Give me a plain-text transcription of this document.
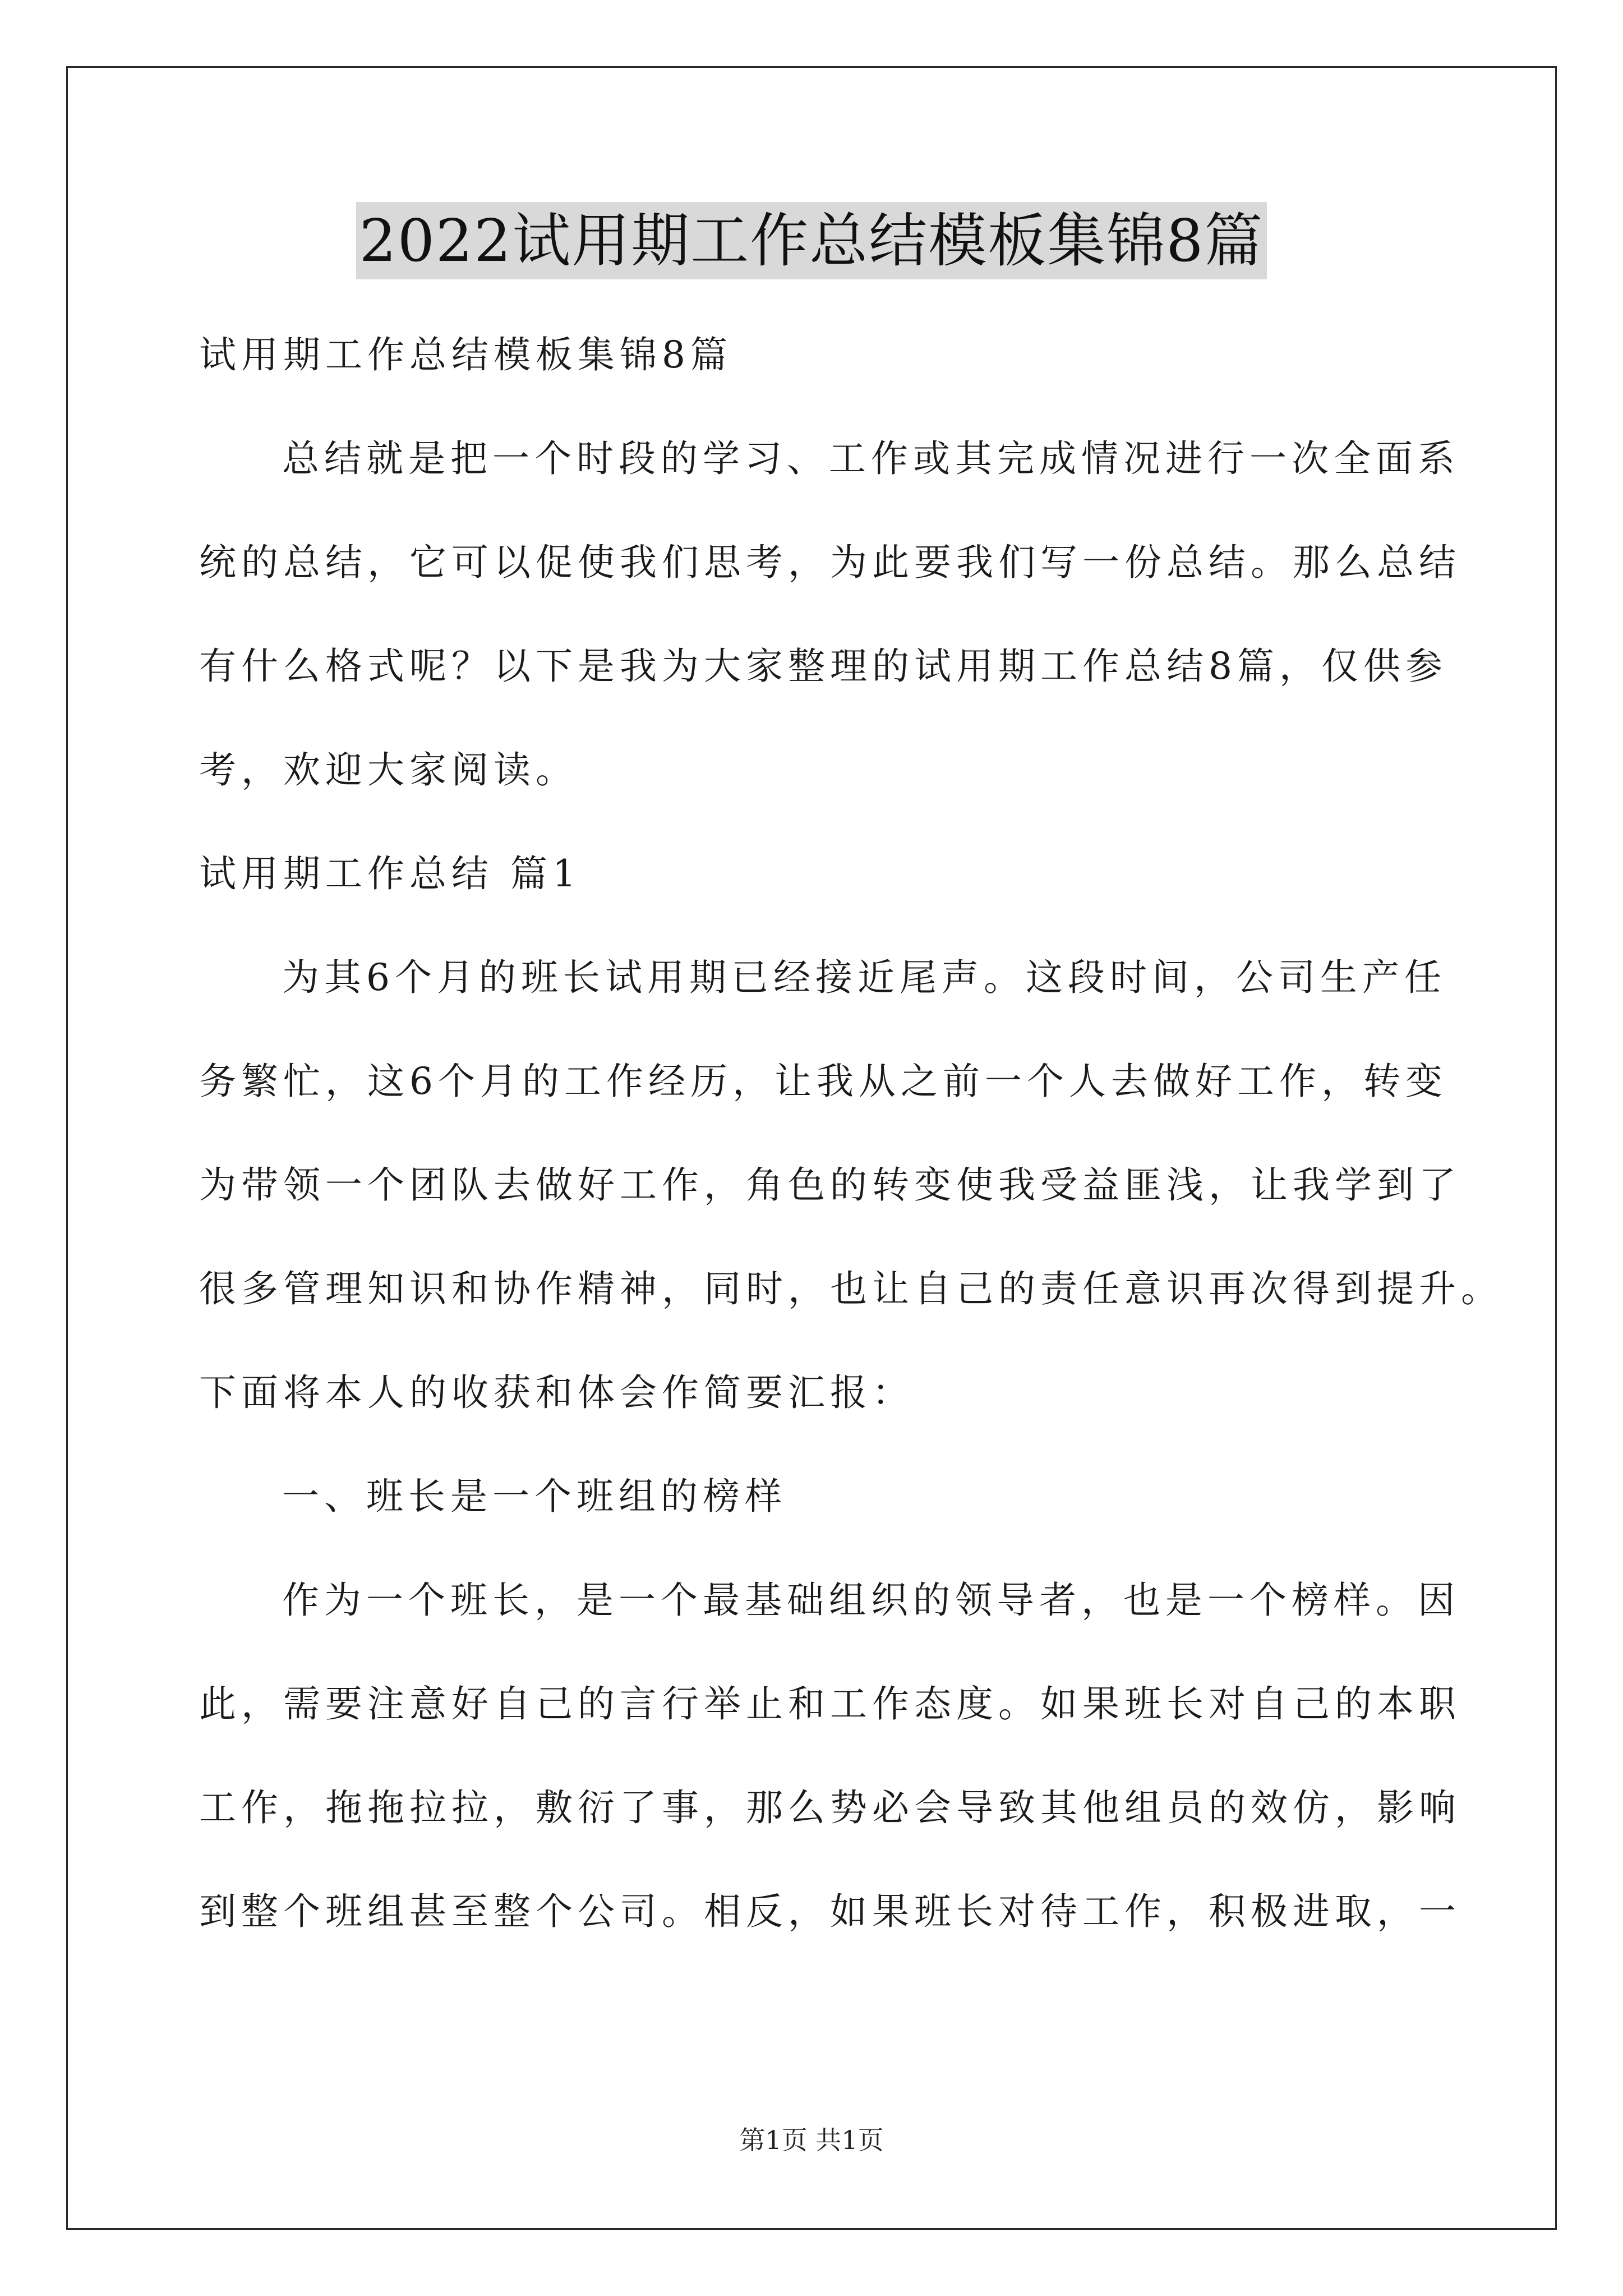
2022试用期工作总结模板集锦8篇
试用期工作总结模板集锦8篇
总结就是把一个时段的学习、工作或其完成情况进行一次全面系
统的总结，它可以促使我们思考，为此要我们写一份总结。那么总结
有什么格式呢？以下是我为大家整理的试用期工作总结8篇，仅供参
考，欢迎大家阅读。
试用期工作总结 篇1
为其6个月的班长试用期已经接近尾声。这段时间，公司生产任
务繁忙，这6个月的工作经历，让我从之前一个人去做好工作，转变
为带领一个团队去做好工作，角色的转变使我受益匪浅，让我学到了
很多管理知识和协作精神，同时，也让自己的责任意识再次得到提升。
下面将本人的收获和体会作简要汇报：
一、班长是一个班组的榜样
作为一个班长，是一个最基础组织的领导者，也是一个榜样。因
此，需要注意好自己的言行举止和工作态度。如果班长对自己的本职
工作，拖拖拉拉，敷衍了事，那么势必会导致其他组员的效仿，影响
到整个班组甚至整个公司。相反，如果班长对待工作，积极进取，一
第1页 共1页
